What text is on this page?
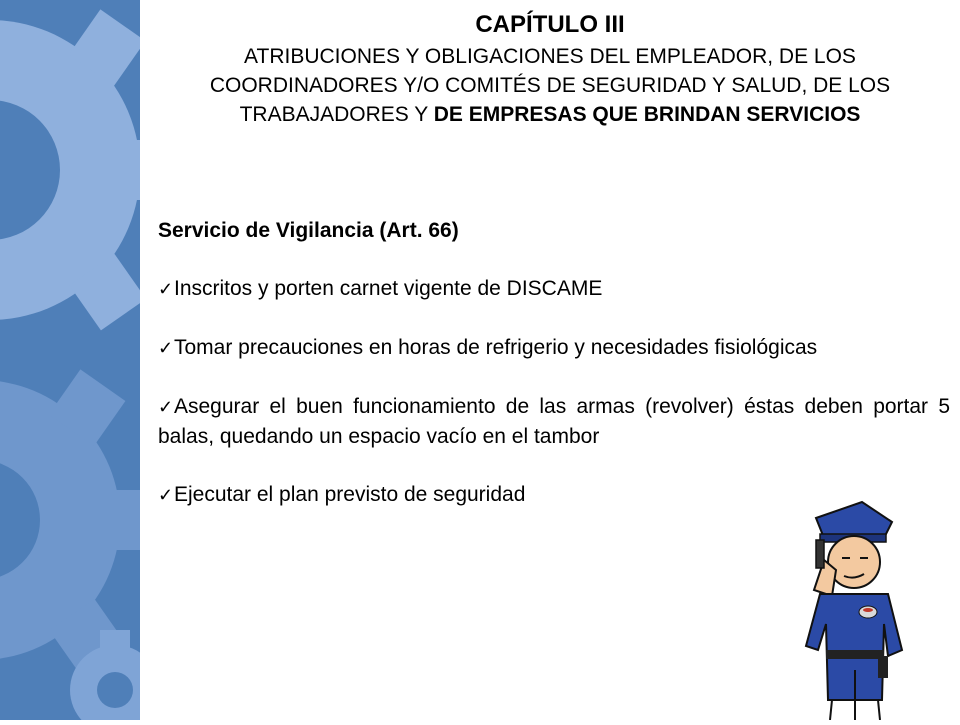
CAPÍTULO III
ATRIBUCIONES Y OBLIGACIONES DEL EMPLEADOR, DE LOS COORDINADORES Y/O COMITÉS DE SEGURIDAD Y SALUD, DE LOS TRABAJADORES Y DE EMPRESAS QUE BRINDAN SERVICIOS
Servicio de Vigilancia (Art. 66)
✓Inscritos y porten carnet vigente de DISCAME
✓Tomar precauciones en horas de refrigerio y necesidades fisiológicas
✓Asegurar el buen funcionamiento de las armas (revolver) éstas deben portar 5 balas, quedando un espacio vacío en el tambor
✓Ejecutar el plan previsto de seguridad
